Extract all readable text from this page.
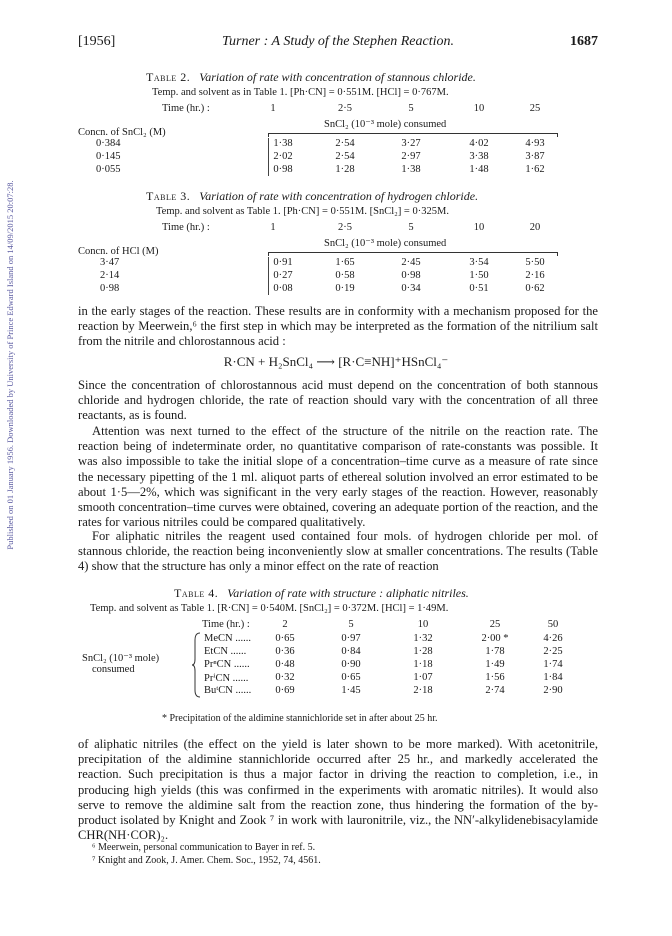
[1956]	Turner : A Study of the Stephen Reaction.	1687
Published on 01 January 1956. Downloaded by University of Prince Edward Island on 14/09/2015 20:07:28.
Table 2. Variation of rate with concentration of stannous chloride.
Temp. and solvent as in Table 1. [Ph·CN] = 0·551M. [HCl] = 0·767M.
Time (hr.) :	1	2·5	5	10	25
SnCl₂ (10⁻³ mole) consumed
Concn. of SnCl₂ (M)
0·384	1·38	2·54	3·27	4·02	4·93
0·145	2·02	2·54	2·97	3·38	3·87
0·055	0·98	1·28	1·38	1·48	1·62
Table 3. Variation of rate with concentration of hydrogen chloride.
Temp. and solvent as Table 1. [Ph·CN] = 0·551M. [SnCl₂] = 0·325M.
Time (hr.) :	1	2·5	5	10	20
SnCl₂ (10⁻³ mole) consumed
Concn. of HCl (M)
3·47	0·91	1·65	2·45	3·54	5·50
2·14	0·27	0·58	0·98	1·50	2·16
0·98	0·08	0·19	0·34	0·51	0·62
in the early stages of the reaction. These results are in conformity with a mechanism proposed for the reaction by Meerwein,⁶ the first step in which may be interpreted as the formation of the nitrilium salt from the nitrile and chlorostannous acid :
R·CN + H₂SnCl₄ ⟶ [R·C≡NH]⁺HSnCl₄⁻
Since the concentration of chlorostannous acid must depend on the concentration of both stannous chloride and hydrogen chloride, the rate of reaction should vary with the concentration of all three reactants, as is found.
Attention was next turned to the effect of the structure of the nitrile on the reaction rate. The reaction being of indeterminate order, no quantitative comparison of rate-constants was possible. It was also impossible to take the initial slope of a concentration–time curve as a measure of rate since the necessary pipetting of the 1 ml. aliquot parts of ethereal solution involved an error estimated to be about 1·5—2%, which was significant in the very early stages of the reaction. However, reasonably smooth concentration–time curves were obtained, covering an adequate portion of the reaction, and the rates for various nitriles could be compared qualitatively.
For aliphatic nitriles the reagent used contained four mols. of hydrogen chloride per mol. of stannous chloride, the reaction being inconveniently slow at smaller concentrations. The results (Table 4) show that the structure has only a minor effect on the rate of reaction
Table 4. Variation of rate with structure : aliphatic nitriles.
Temp. and solvent as Table 1. [R·CN] = 0·540M. [SnCl₂] = 0·372M. [HCl] = 1·49M.
Time (hr.) :	2	5	10	25	50
SnCl₂ (10⁻³ mole)
consumed
MeCN ......	0·65	0·97	1·32	2·00 *	4·26
EtCN ......	0·36	0·84	1·28	1·78	2·25
PrⁿCN ......	0·48	0·90	1·18	1·49	1·74
PrⁱCN ......	0·32	0·65	1·07	1·56	1·84
BuᵗCN ......	0·69	1·45	2·18	2·74	2·90
* Precipitation of the aldimine stannichloride set in after about 25 hr.
of aliphatic nitriles (the effect on the yield is later shown to be more marked). With acetonitrile, precipitation of the aldimine stannichloride occurred after 25 hr., and markedly accelerated the reaction. Such precipitation is thus a major factor in driving the reaction to completion, i.e., in producing high yields (this was confirmed in the experiments with aromatic nitriles). It would also serve to remove the aldimine salt from the reaction zone, thus hindering the formation of the by-product isolated by Knight and Zook ⁷ in work with lauronitrile, viz., the NN′-alkylidenebisacylamide CHR(NH·COR)₂.
⁶ Meerwein, personal communication to Bayer in ref. 5.
⁷ Knight and Zook, J. Amer. Chem. Soc., 1952, 74, 4561.
